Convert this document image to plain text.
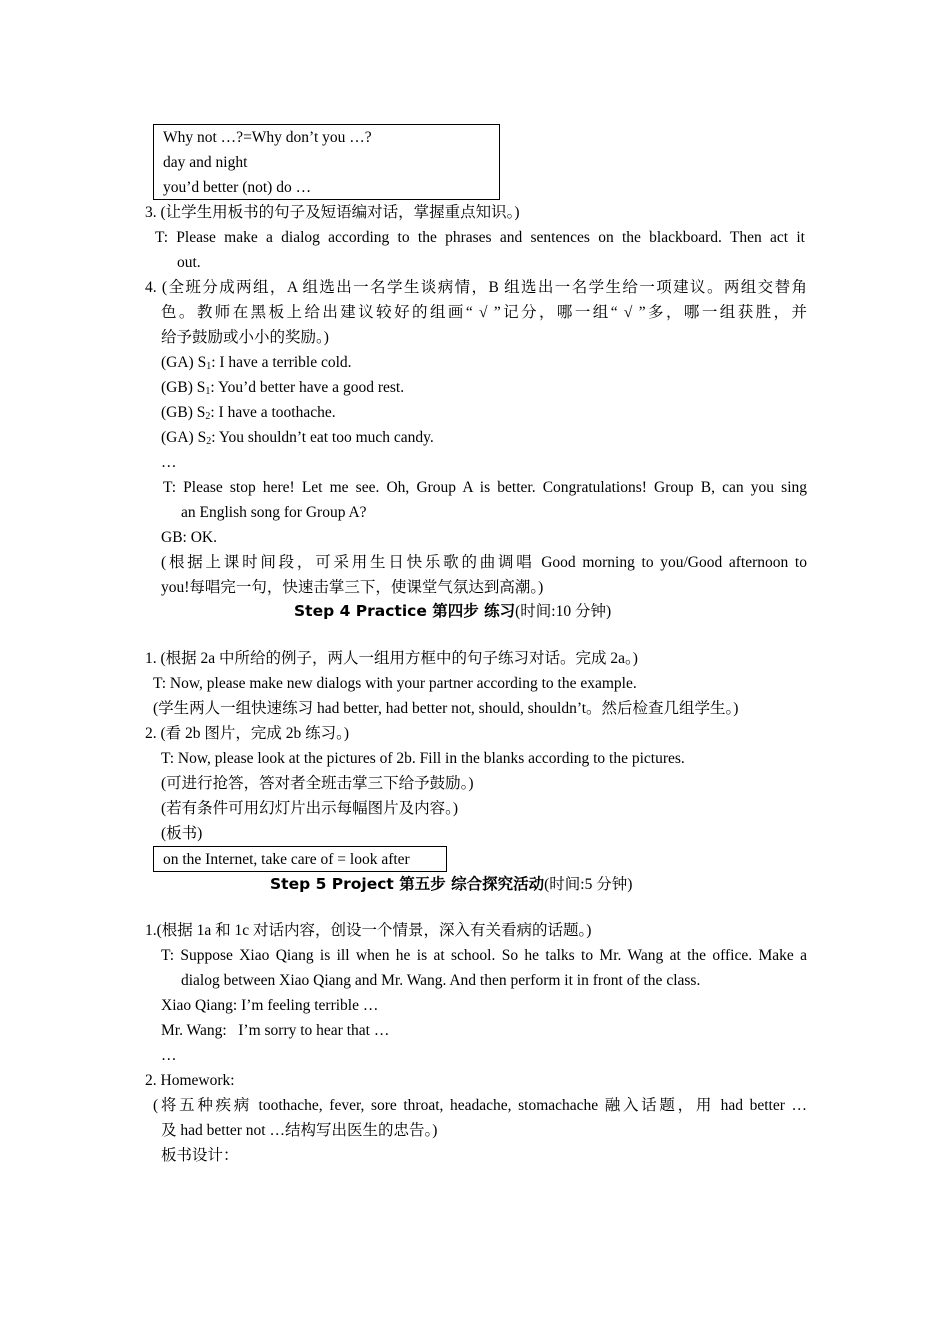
Why not …?=Why don’t you …?
day and night
you’d better (not) do …
3. (让学生用板书的句子及短语编对话，掌握重点知识。)
T: Please make a dialog according to the phrases and sentences on the blackboard. Then act it
out.
4. (全班分成两组，A 组选出一名学生谈病情，B 组选出一名学生给一项建议。两组交替角
色。教师在黑板上给出建议较好的组画“ √ ”记分，哪一组“ √ ”多，哪一组获胜，并
给予鼓励或小小的奖励。)
(GA) $S_1$: I have a terrible cold.
(GB) $S_1$: You’d better have a good rest.
(GB) $S_2$: I have a toothache.
(GA) $S_2$: You shouldn’t eat too much candy.
…
T: Please stop here! Let me see. Oh, Group A is better. Congratulations! Group B, can you sing
an English song for Group A?
GB: OK.
(根据上课时间段，可采用生日快乐歌的曲调唱 Good morning to you/Good afternoon to
you!每唱完一句，快速击掌三下，使课堂气氛达到高潮。)
Step 4 Practice 第四步 练习(时间:10 分钟)
1. (根据 2a 中所给的例子，两人一组用方框中的句子练习对话。完成 2a。)
T: Now, please make new dialogs with your partner according to the example.
(学生两人一组快速练习 had better, had better not, should, shouldn’t。然后检查几组学生。)
2. (看 2b 图片，完成 2b 练习。)
T: Now, please look at the pictures of 2b. Fill in the blanks according to the pictures.
(可进行抢答，答对者全班击掌三下给予鼓励。)
(若有条件可用幻灯片出示每幅图片及内容。)
(板书)
on the Internet, take care of = look after
Step 5 Project 第五步 综合探究活动(时间:5 分钟)
1.(根据 1a 和 1c 对话内容，创设一个情景，深入有关看病的话题。)
T: Suppose Xiao Qiang is ill when he is at school. So he talks to Mr. Wang at the office. Make a
dialog between Xiao Qiang and Mr. Wang. And then perform it in front of the class.
Xiao Qiang: I’m feeling terrible …
Mr. Wang:   I’m sorry to hear that …
…
2. Homework:
(将五种疾病 toothache, fever, sore throat, headache, stomachache 融入话题，用 had better …
及 had better not …结构写出医生的忠告。)
板书设计：
